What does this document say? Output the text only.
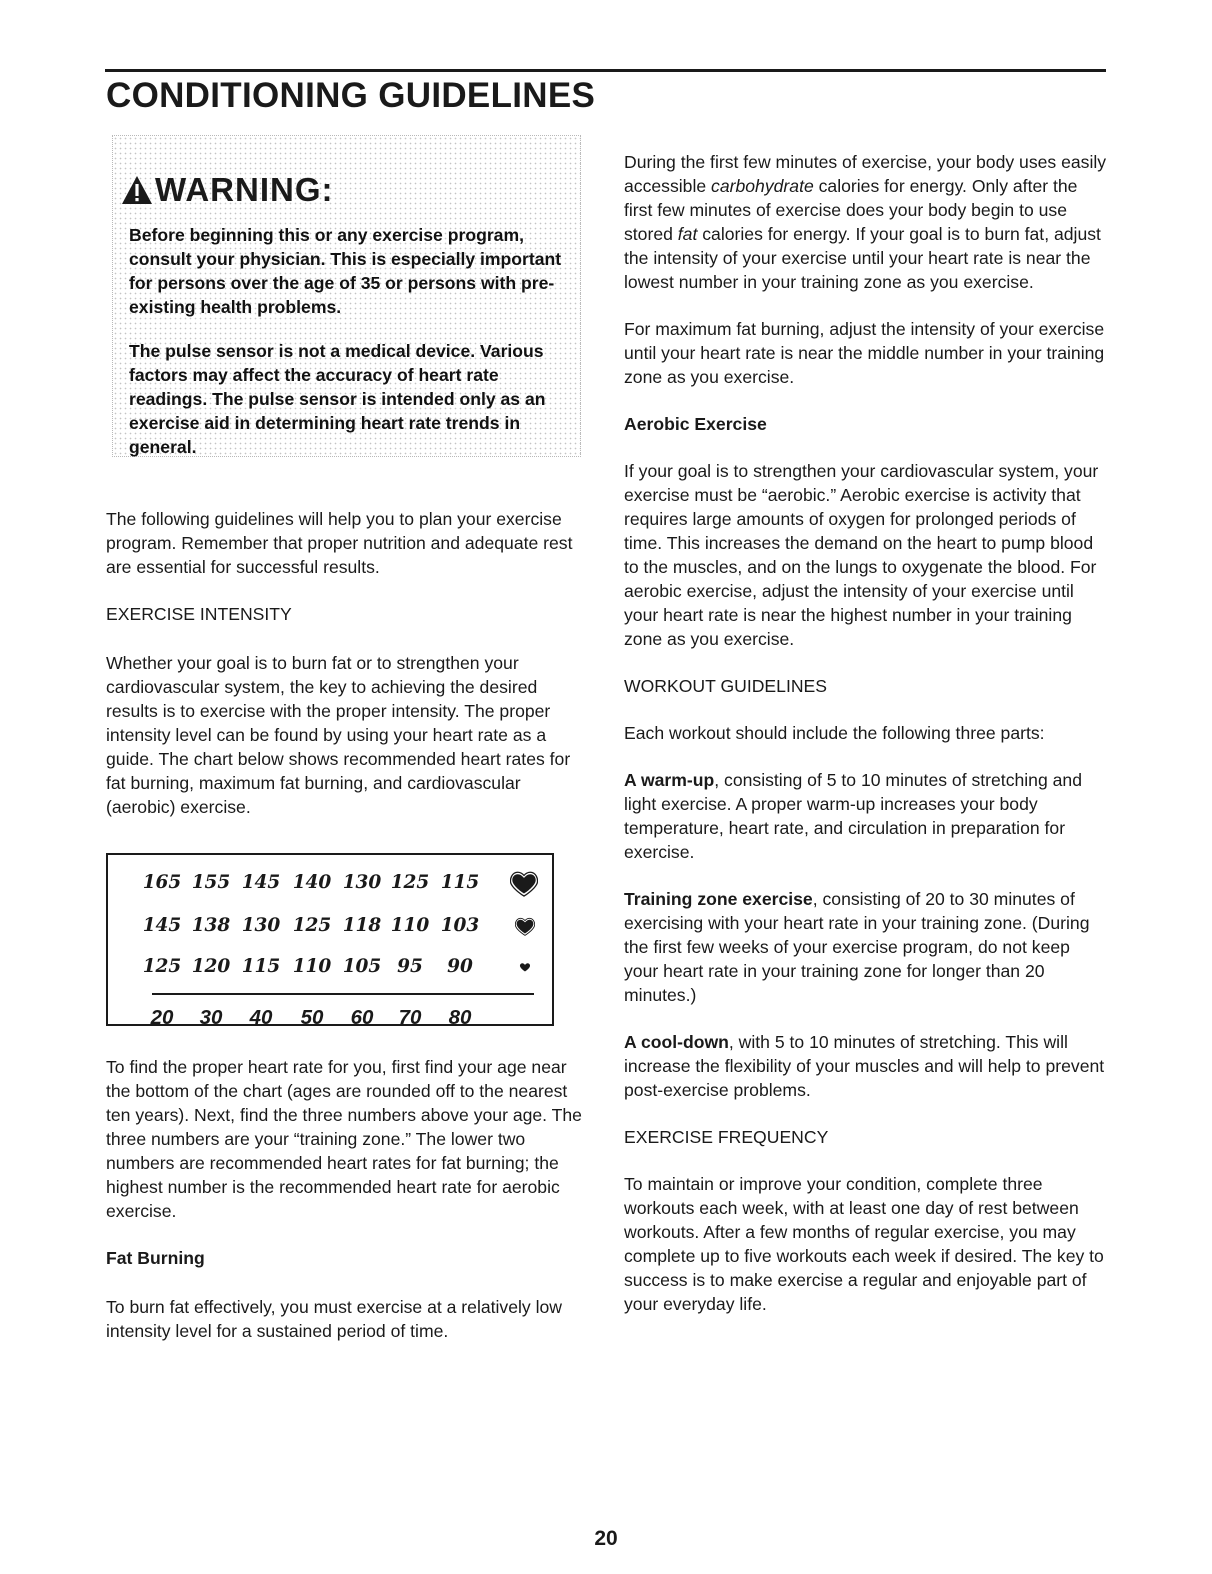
CONDITIONING GUIDELINES
WARNING:

Before beginning this or any exercise program, consult your physician. This is especially important for persons over the age of 35 or persons with pre-existing health problems.

The pulse sensor is not a medical device. Various factors may affect the accuracy of heart rate readings. The pulse sensor is intended only as an exercise aid in determining heart rate trends in general.

The following guidelines will help you to plan your exercise program. Remember that proper nutrition and adequate rest are essential for successful results.

EXERCISE INTENSITY

Whether your goal is to burn fat or to strengthen your cardiovascular system, the key to achieving the desired results is to exercise with the proper intensity. The proper intensity level can be found by using your heart rate as a guide. The chart below shows recommended heart rates for fat burning, maximum fat burning, and cardiovascular (aerobic) exercise.

165 155 145 140 130 125 115
145 138 130 125 118 110 103
125 120 115 110 105 95	90
20	30	40	50	60	70	80

To find the proper heart rate for you, first find your age near the bottom of the chart (ages are rounded off to the nearest ten years). Next, find the three numbers above your age. The three numbers are your “training zone.” The lower two numbers are recommended heart rates for fat burning; the highest number is the recommended heart rate for aerobic exercise.

Fat Burning

To burn fat effectively, you must exercise at a relatively low intensity level for a sustained period of time.

During the first few minutes of exercise, your body uses easily accessible carbohydrate calories for energy. Only after the first few minutes of exercise does your body begin to use stored fat calories for energy. If your goal is to burn fat, adjust the intensity of your exercise until your heart rate is near the lowest number in your training zone as you exercise.

For maximum fat burning, adjust the intensity of your exercise until your heart rate is near the middle number in your training zone as you exercise.

Aerobic Exercise

If your goal is to strengthen your cardiovascular system, your exercise must be “aerobic.” Aerobic exercise is activity that requires large amounts of oxygen for prolonged periods of time. This increases the demand on the heart to pump blood to the muscles, and on the lungs to oxygenate the blood. For aerobic exercise, adjust the intensity of your exercise until your heart rate is near the highest number in your training zone as you exercise.

WORKOUT GUIDELINES

Each workout should include the following three parts:

A warm-up, consisting of 5 to 10 minutes of stretching and light exercise. A proper warm-up increases your body temperature, heart rate, and circulation in preparation for exercise.

Training zone exercise, consisting of 20 to 30 minutes of exercising with your heart rate in your training zone. (During the first few weeks of your exercise program, do not keep your heart rate in your training zone for longer than 20 minutes.)

A cool-down, with 5 to 10 minutes of stretching. This will increase the flexibility of your muscles and will help to prevent post-exercise problems.

EXERCISE FREQUENCY

To maintain or improve your condition, complete three workouts each week, with at least one day of rest between workouts. After a few months of regular exercise, you may complete up to five workouts each week if desired. The key to success is to make exercise a regular and enjoyable part of your everyday life.

20
